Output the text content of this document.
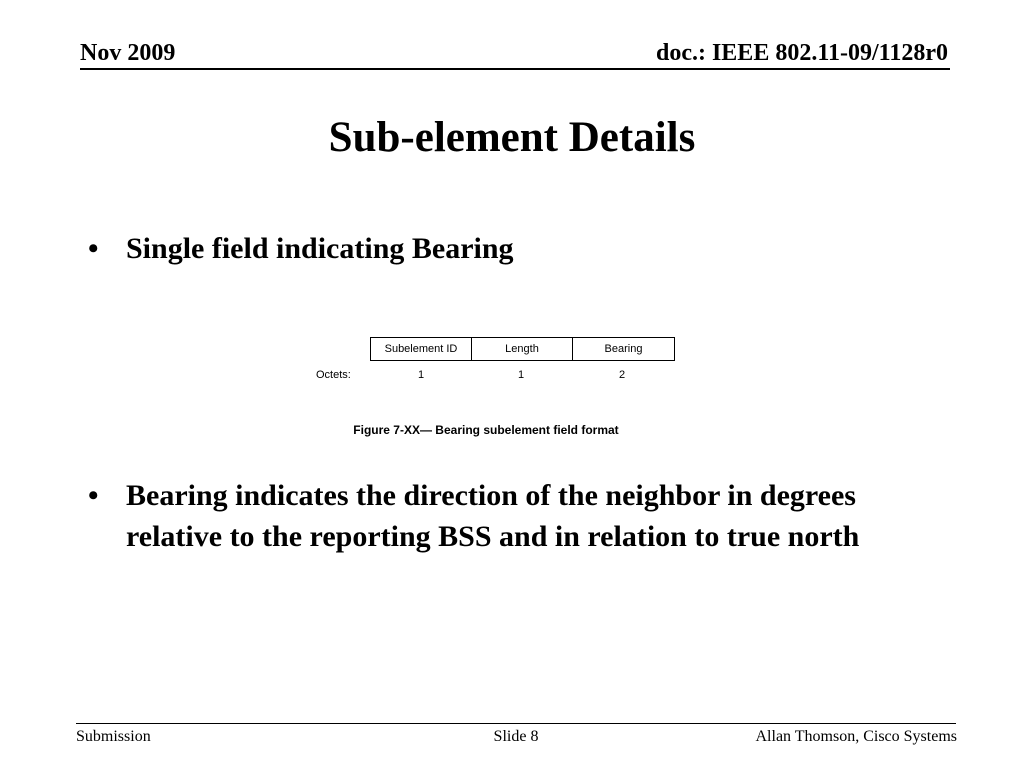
Nov 2009	doc.: IEEE 802.11-09/1128r0
Sub-element Details
• Single field indicating Bearing
Subelement ID	Length	Bearing
Octets:	1	1	2
Figure 7-XX— Bearing subelement field format
• Bearing indicates the direction of the neighbor in degrees relative to the reporting BSS and in relation to true north
Submission	Slide 8	Allan Thomson, Cisco Systems
